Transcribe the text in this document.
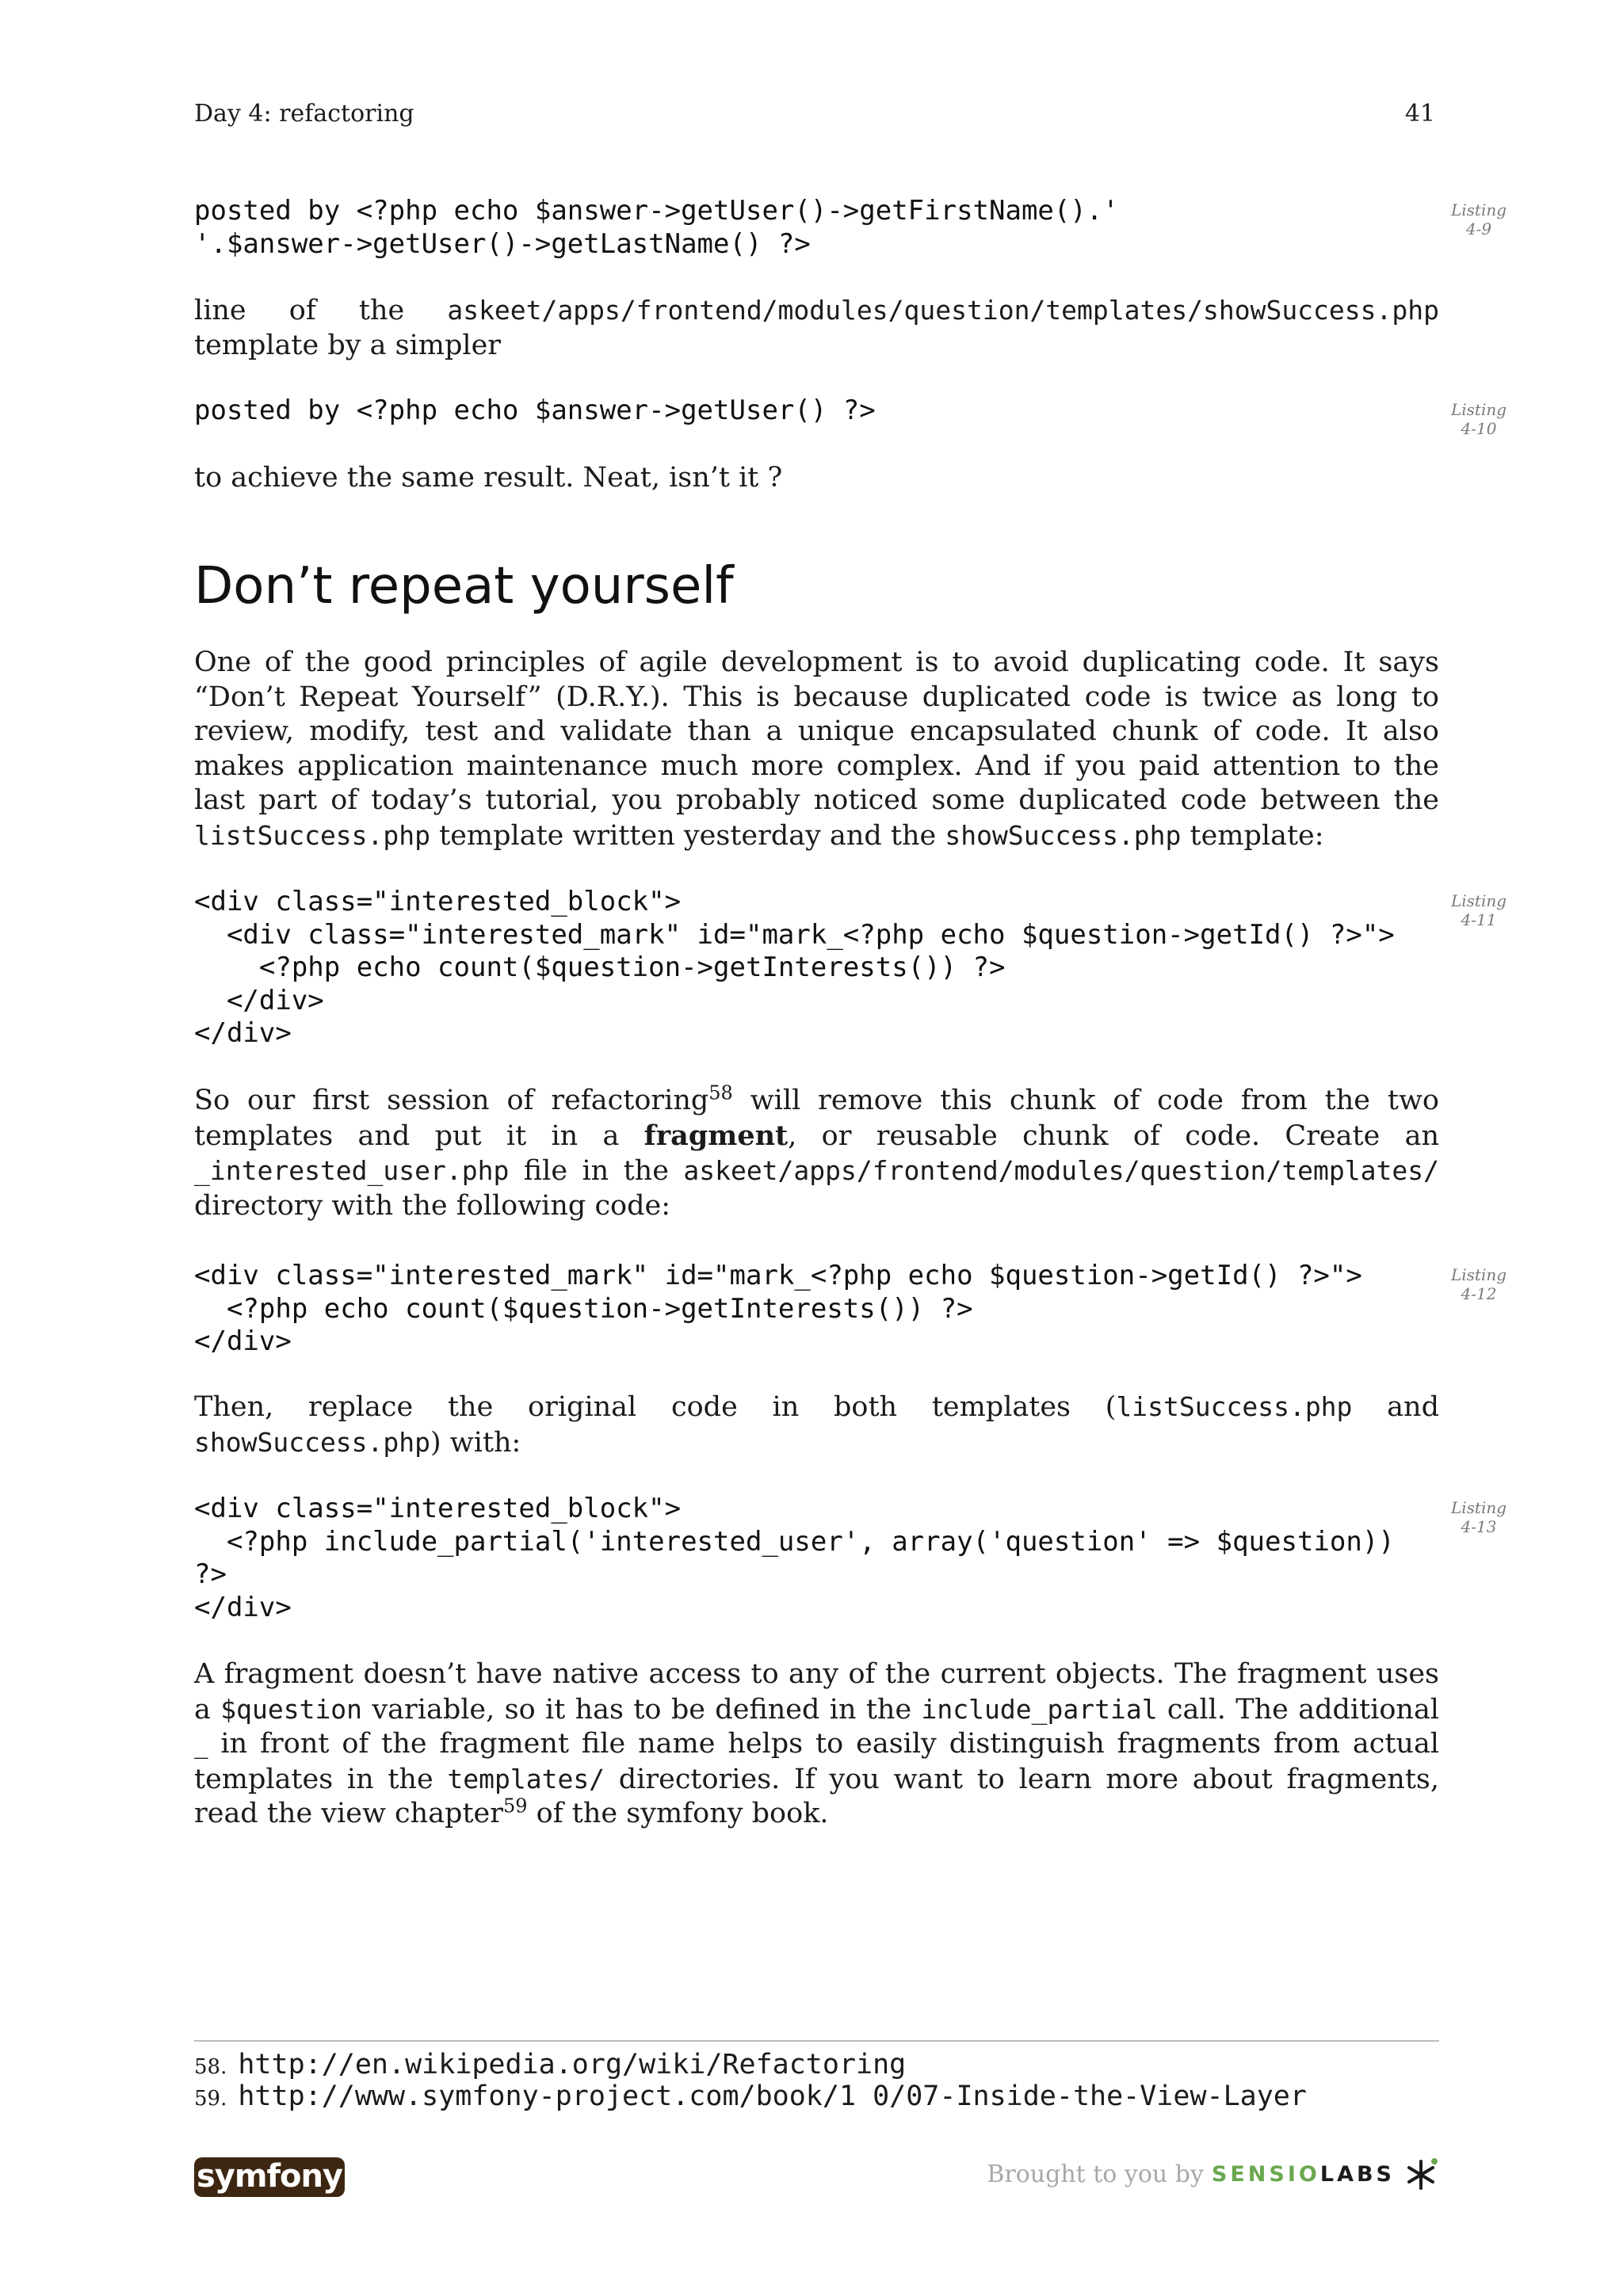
Day 4: refactoring	41
posted by <?php echo $answer->getUser()->getFirstName().'
'.$answer->getUser()->getLastName() ?>
Listing 4-9

line of the askeet/apps/frontend/modules/question/templates/showSuccess.php template by a simpler

posted by <?php echo $answer->getUser() ?>	Listing 4-10

to achieve the same result. Neat, isn’t it ?

Don’t repeat yourself

One of the good principles of agile development is to avoid duplicating code. It says “Don’t Repeat Yourself” (D.R.Y.). This is because duplicated code is twice as long to review, modify, test and validate than a unique encapsulated chunk of code. It also makes application maintenance much more complex. And if you paid attention to the last part of today’s tutorial, you probably noticed some duplicated code between the listSuccess.php template written yesterday and the showSuccess.php template:

<div class="interested_block">
<div class="interested_mark" id="mark_<?php echo $question->getId() ?>">
<?php echo count($question->getInterests()) ?>
</div>
</div>
Listing 4-11

So our first session of refactoring$^{58}$ will remove this chunk of code from the two templates and put it in a fragment, or reusable chunk of code. Create an _interested_user.php file in the askeet/apps/frontend/modules/question/templates/ directory with the following code:

<div class="interested_mark" id="mark_<?php echo $question->getId() ?>">
<?php echo count($question->getInterests()) ?>
</div>
Listing 4-12

Then, replace the original code in both templates (listSuccess.php and showSuccess.php) with:

<div class="interested_block">
<?php include_partial('interested_user', array('question' => $question))
?>
</div>
Listing 4-13

A fragment doesn’t have native access to any of the current objects. The fragment uses a $question variable, so it has to be defined in the include_partial call. The additional _ in front of the fragment file name helps to easily distinguish fragments from actual templates in the templates/ directories. If you want to learn more about fragments, read the view chapter$^{59}$ of the symfony book.

58. http://en.wikipedia.org/wiki/Refactoring
59. http://www.symfony-project.com/book/1 0/07-Inside-the-View-Layer
symfony	Brought to you by SENSIOLABS
